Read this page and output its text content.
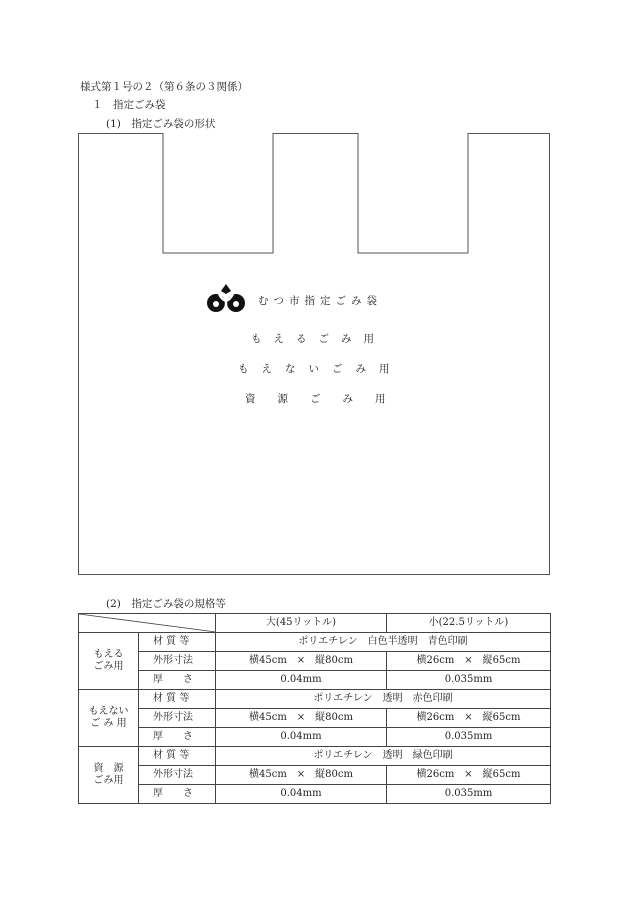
様式第１号の２（第６条の３関係）
１　指定ごみ袋
(1)　指定ごみ袋の形状
むつ市指定ごみ袋
もえるごみ用
もえないごみ用
資源ごみ用
(2)　指定ごみ袋の規格等
	大(45リットル)	小(22.5リットル)
もえる
ごみ用	材 質 等	ポリエチレン　白色半透明　青色印刷	
	外形寸法	横45cm　×　縦80cm	横26cm　×　縦65cm
	厚　　さ	0.04mm	0.035mm
もえない
ご み 用	材 質 等	ポリエチレン　透明　赤色印刷	
	外形寸法	横45cm　×　縦80cm	横26cm　×　縦65cm
	厚　　さ	0.04mm	0.035mm
資　源
ごみ用	材 質 等	ポリエチレン　透明　緑色印刷	
	外形寸法	横45cm　×　縦80cm	横26cm　×　縦65cm
	厚　　さ	0.04mm	0.035mm
